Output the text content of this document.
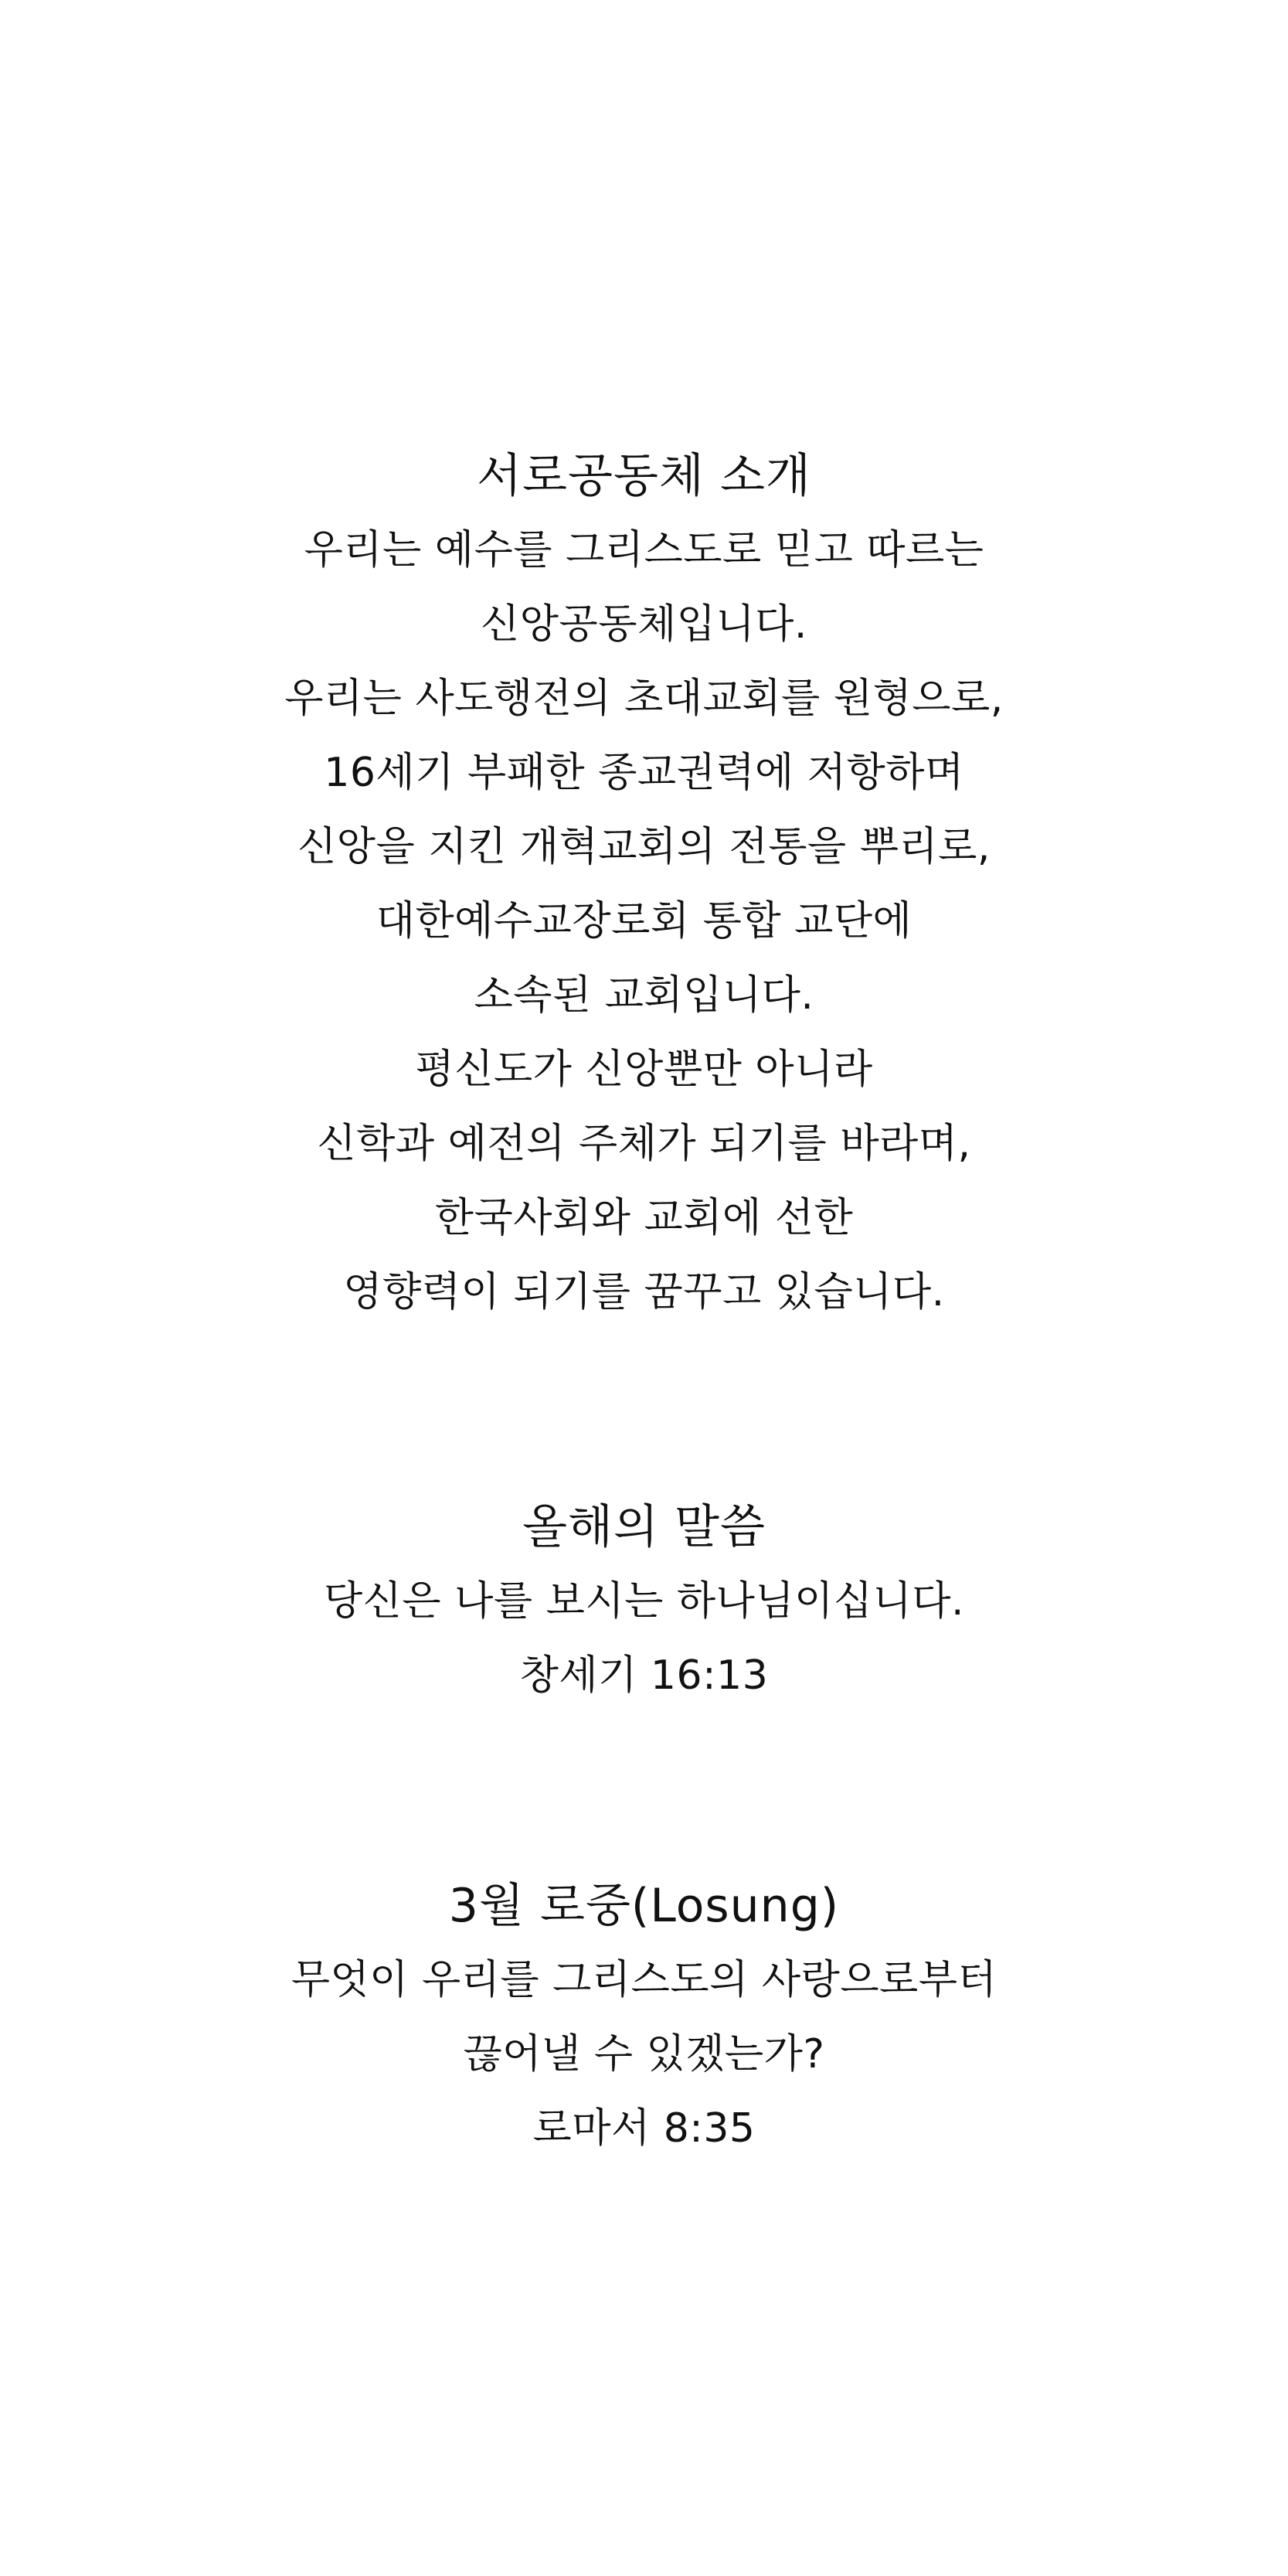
서로공동체 소개

우리는 예수를 그리스도로 믿고 따르는

신앙공동체입니다.

우리는 사도행전의 초대교회를 원형으로,

16세기 부패한 종교권력에 저항하며

신앙을 지킨 개혁교회의 전통을 뿌리로,

대한예수교장로회 통합 교단에

소속된 교회입니다.

평신도가 신앙뿐만 아니라

신학과 예전의 주체가 되기를 바라며,

한국사회와 교회에 선한

영향력이 되기를 꿈꾸고 있습니다.

올해의 말씀

당신은 나를 보시는 하나님이십니다.

창세기 16:13

3월 로중(Losung)

무엇이 우리를 그리스도의 사랑으로부터

끊어낼 수 있겠는가?

로마서 8:35
